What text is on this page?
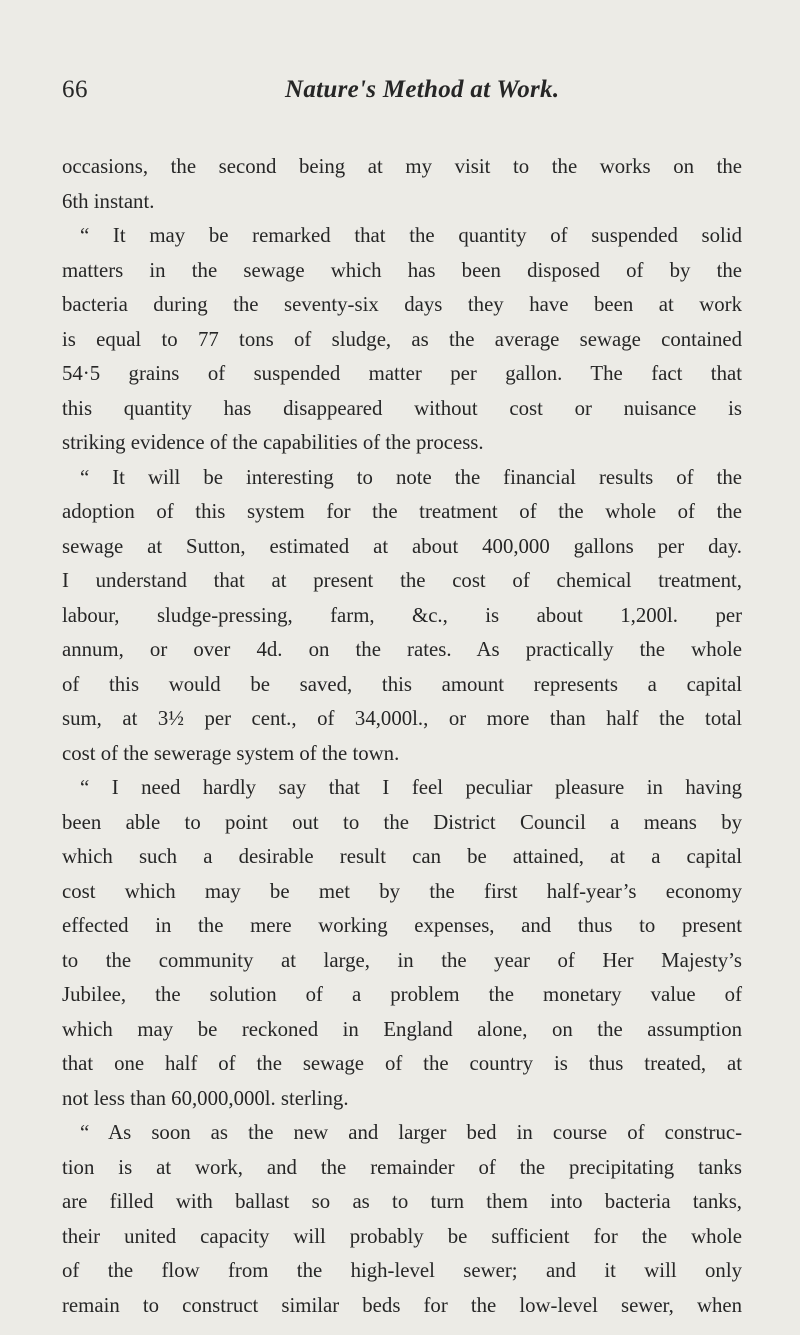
66	Nature's Method at Work.

occasions, the second being at my visit to the works on the
6th instant.

“ It may be remarked that the quantity of suspended solid
matters in the sewage which has been disposed of by the
bacteria during the seventy-six days they have been at work
is equal to 77 tons of sludge, as the average sewage contained
54·5 grains of suspended matter per gallon. The fact that
this quantity has disappeared without cost or nuisance is
striking evidence of the capabilities of the process.

“ It will be interesting to note the financial results of the
adoption of this system for the treatment of the whole of the
sewage at Sutton, estimated at about 400,000 gallons per day.
I understand that at present the cost of chemical treatment,
labour, sludge-pressing, farm, &c., is about 1,200l. per
annum, or over 4d. on the rates. As practically the whole
of this would be saved, this amount represents a capital
sum, at 3½ per cent., of 34,000l., or more than half the total
cost of the sewerage system of the town.

“ I need hardly say that I feel peculiar pleasure in having
been able to point out to the District Council a means by
which such a desirable result can be attained, at a capital
cost which may be met by the first half-year’s economy
effected in the mere working expenses, and thus to present
to the community at large, in the year of Her Majesty’s
Jubilee, the solution of a problem the monetary value of
which may be reckoned in England alone, on the assumption
that one half of the sewage of the country is thus treated, at
not less than 60,000,000l. sterling.

“ As soon as the new and larger bed in course of construc-
tion is at work, and the remainder of the precipitating tanks
are filled with ballast so as to turn them into bacteria tanks,
their united capacity will probably be sufficient for the whole
of the flow from the high-level sewer; and it will only
remain to construct similar beds for the low-level sewer, when
